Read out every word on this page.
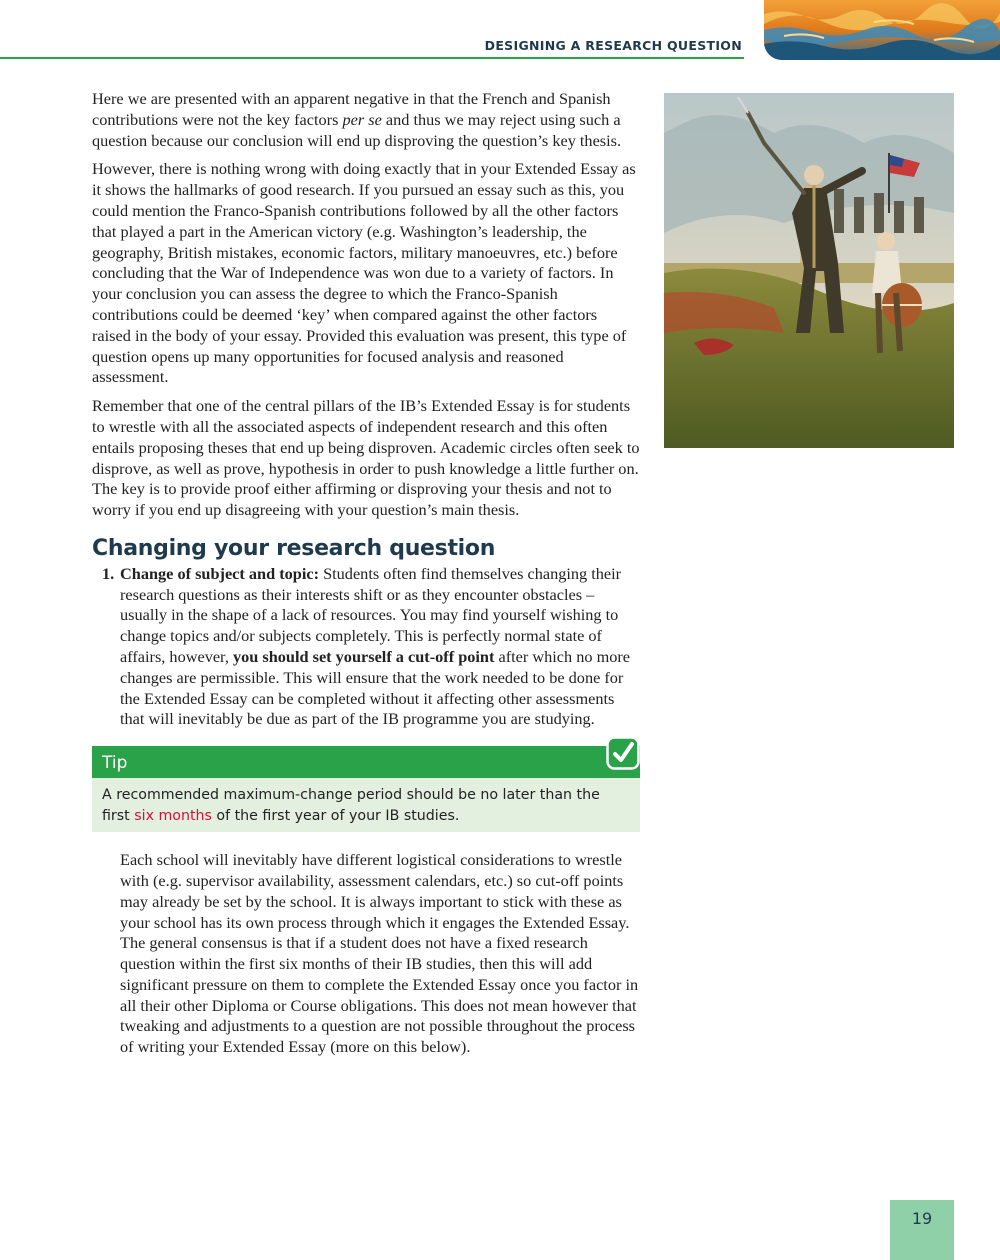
DESIGNING A RESEARCH QUESTION

Here we are presented with an apparent negative in that the French and Spanish contributions were not the key factors per se and thus we may reject using such a question because our conclusion will end up disproving the question’s key thesis.

However, there is nothing wrong with doing exactly that in your Extended Essay as it shows the hallmarks of good research. If you pursued an essay such as this, you could mention the Franco-Spanish contributions followed by all the other factors that played a part in the American victory (e.g. Washington’s leadership, the geography, British mistakes, economic factors, military manoeuvres, etc.) before concluding that the War of Independence was won due to a variety of factors. In your conclusion you can assess the degree to which the Franco-Spanish contributions could be deemed ‘key’ when compared against the other factors raised in the body of your essay. Provided this evaluation was present, this type of question opens up many opportunities for focused analysis and reasoned assessment.

Remember that one of the central pillars of the IB’s Extended Essay is for students to wrestle with all the associated aspects of independent research and this often entails proposing theses that end up being disproven. Academic circles often seek to disprove, as well as prove, hypothesis in order to push knowledge a little further on. The key is to provide proof either affirming or disproving your thesis and not to worry if you end up disagreeing with your question’s main thesis.

Changing your research question

1. Change of subject and topic: Students often find themselves changing their research questions as their interests shift or as they encounter obstacles – usually in the shape of a lack of resources. You may find yourself wishing to change topics and/or subjects completely. This is perfectly normal state of affairs, however, you should set yourself a cut-off point after which no more changes are permissible. This will ensure that the work needed to be done for the Extended Essay can be completed without it affecting other assessments that will inevitably be due as part of the IB programme you are studying.

Tip
A recommended maximum-change period should be no later than the first six months of the first year of your IB studies.

Each school will inevitably have different logistical considerations to wrestle with (e.g. supervisor availability, assessment calendars, etc.) so cut-off points may already be set by the school. It is always important to stick with these as your school has its own process through which it engages the Extended Essay. The general consensus is that if a student does not have a fixed research question within the first six months of their IB studies, then this will add significant pressure on them to complete the Extended Essay once you factor in all their other Diploma or Course obligations. This does not mean however that tweaking and adjustments to a question are not possible throughout the process of writing your Extended Essay (more on this below).

19
